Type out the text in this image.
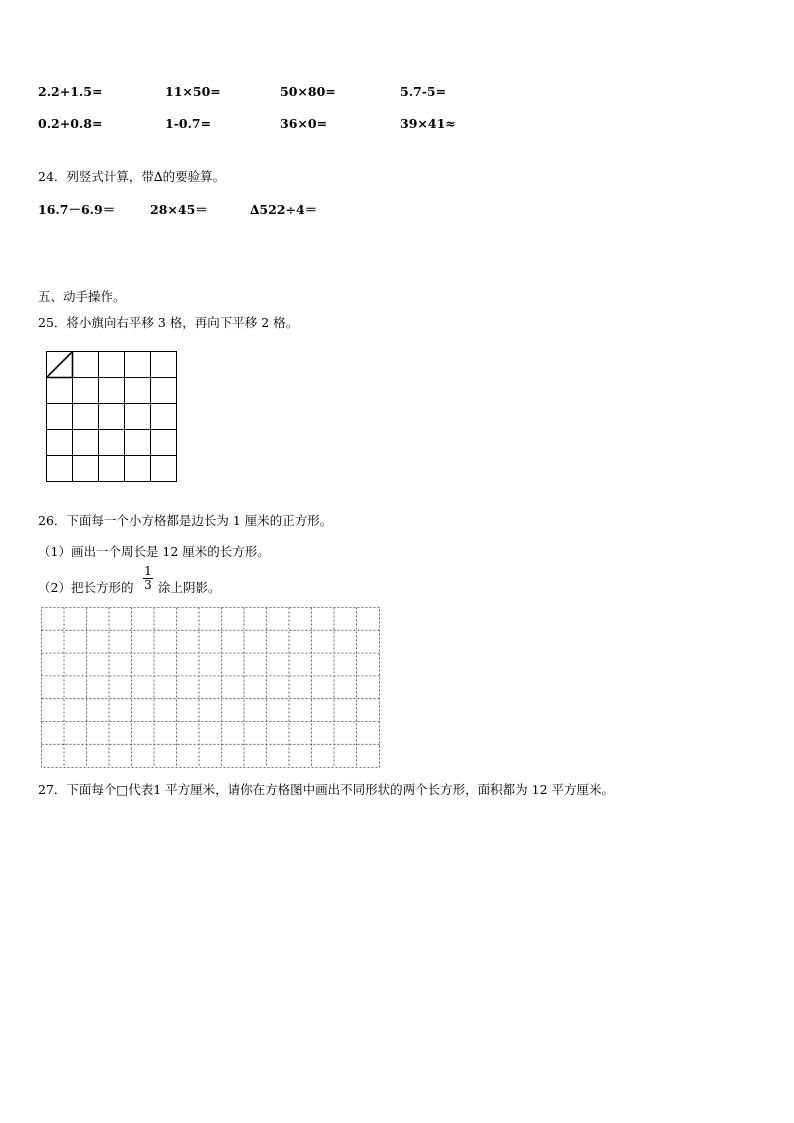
2.2+1.5=	11×50=	50×80=	5.7-5=
0.2+0.8=	1-0.7=	36×0=	39×41≈
24．列竖式计算，带∆的要验算。
16.7－6.9＝	28×45＝	∆522÷4＝
五、动手操作。
25．将小旗向右平移 3 格，再向下平移 2 格。
26．下面每一个小方格都是边长为 1 厘米的正方形。
（1）画出一个周长是 12 厘米的长方形。
（2）把长方形的 $\frac{1}{3}$ 涂上阴影。
27．下面每个□代表1 平方厘米，请你在方格图中画出不同形状的两个长方形，面积都为 12 平方厘米。
